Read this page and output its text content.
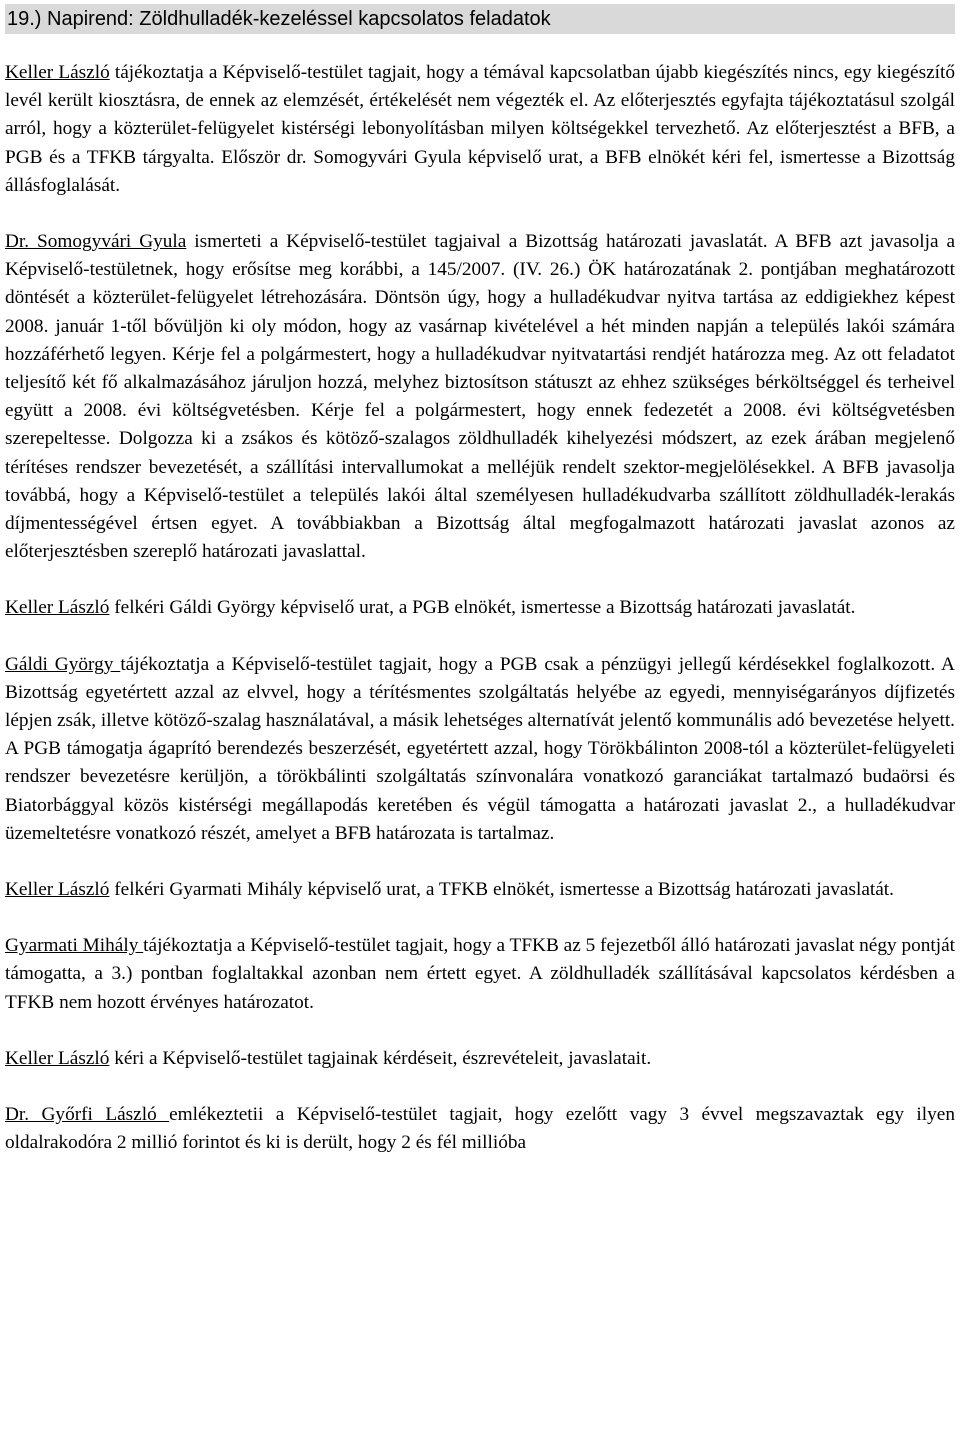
19.) Napirend: Zöldhulladék-kezeléssel kapcsolatos feladatok

Keller László tájékoztatja a Képviselő-testület tagjait, hogy a témával kapcsolatban újabb kiegészítés nincs, egy kiegészítő levél került kiosztásra, de ennek az elemzését, értékelését nem végezték el. Az előterjesztés egyfajta tájékoztatásul szolgál arról, hogy a közterület-felügyelet kistérségi lebonyolításban milyen költségekkel tervezhető. Az előterjesztést a BFB, a PGB és a TFKB tárgyalta. Először dr. Somogyvári Gyula képviselő urat, a BFB elnökét kéri fel, ismertesse a Bizottság állásfoglalását.

Dr. Somogyvári Gyula ismerteti a Képviselő-testület tagjaival a Bizottság határozati javaslatát. A BFB azt javasolja a Képviselő-testületnek, hogy erősítse meg korábbi, a 145/2007. (IV. 26.) ÖK határozatának 2. pontjában meghatározott döntését a közterület-felügyelet létrehozására. Döntsön úgy, hogy a hulladékudvar nyitva tartása az eddigiekhez képest 2008. január 1-től bővüljön ki oly módon, hogy az vasárnap kivételével a hét minden napján a település lakói számára hozzáférhető legyen. Kérje fel a polgármestert, hogy a hulladékudvar nyitvatartási rendjét határozza meg. Az ott feladatot teljesítő két fő alkalmazásához járuljon hozzá, melyhez biztosítson státuszt az ehhez szükséges bérköltséggel és terheivel együtt a 2008. évi költségvetésben. Kérje fel a polgármestert, hogy ennek fedezetét a 2008. évi költségvetésben szerepeltesse. Dolgozza ki a zsákos és kötöző-szalagos zöldhulladék kihelyezési módszert, az ezek árában megjelenő térítéses rendszer bevezetését, a szállítási intervallumokat a melléjük rendelt szektor-megjelölésekkel. A BFB javasolja továbbá, hogy a Képviselő-testület a település lakói által személyesen hulladékudvarba szállított zöldhulladék-lerakás díjmentességével értsen egyet. A továbbiakban a Bizottság által megfogalmazott határozati javaslat azonos az előterjesztésben szereplő határozati javaslattal.

Keller László felkéri Gáldi György képviselő urat, a PGB elnökét, ismertesse a Bizottság határozati javaslatát.

Gáldi György tájékoztatja a Képviselő-testület tagjait, hogy a PGB csak a pénzügyi jellegű kérdésekkel foglalkozott. A Bizottság egyetértett azzal az elvvel, hogy a térítésmentes szolgáltatás helyébe az egyedi, mennyiségarányos díjfizetés lépjen zsák, illetve kötöző-szalag használatával, a másik lehetséges alternatívát jelentő kommunális adó bevezetése helyett. A PGB támogatja ágaprító berendezés beszerzését, egyetértett azzal, hogy Törökbálinton 2008-tól a közterület-felügyeleti rendszer bevezetésre kerüljön, a törökbálinti szolgáltatás színvonalára vonatkozó garanciákat tartalmazó budaörsi és Biatorbággyal közös kistérségi megállapodás keretében és végül támogatta a határozati javaslat 2., a hulladékudvar üzemeltetésre vonatkozó részét, amelyet a BFB határozata is tartalmaz.

Keller László felkéri Gyarmati Mihály képviselő urat, a TFKB elnökét, ismertesse a Bizottság határozati javaslatát.

Gyarmati Mihály tájékoztatja a Képviselő-testület tagjait, hogy a TFKB az 5 fejezetből álló határozati javaslat négy pontját támogatta, a 3.) pontban foglaltakkal azonban nem értett egyet. A zöldhulladék szállításával kapcsolatos kérdésben a TFKB nem hozott érvényes határozatot.

Keller László kéri a Képviselő-testület tagjainak kérdéseit, észrevételeit, javaslatait.

Dr. Győrfi László emlékeztetii a Képviselő-testület tagjait, hogy ezelőtt vagy 3 évvel megszavaztak egy ilyen oldalrakodóra 2 millió forintot és ki is derült, hogy 2 és fél millióba
